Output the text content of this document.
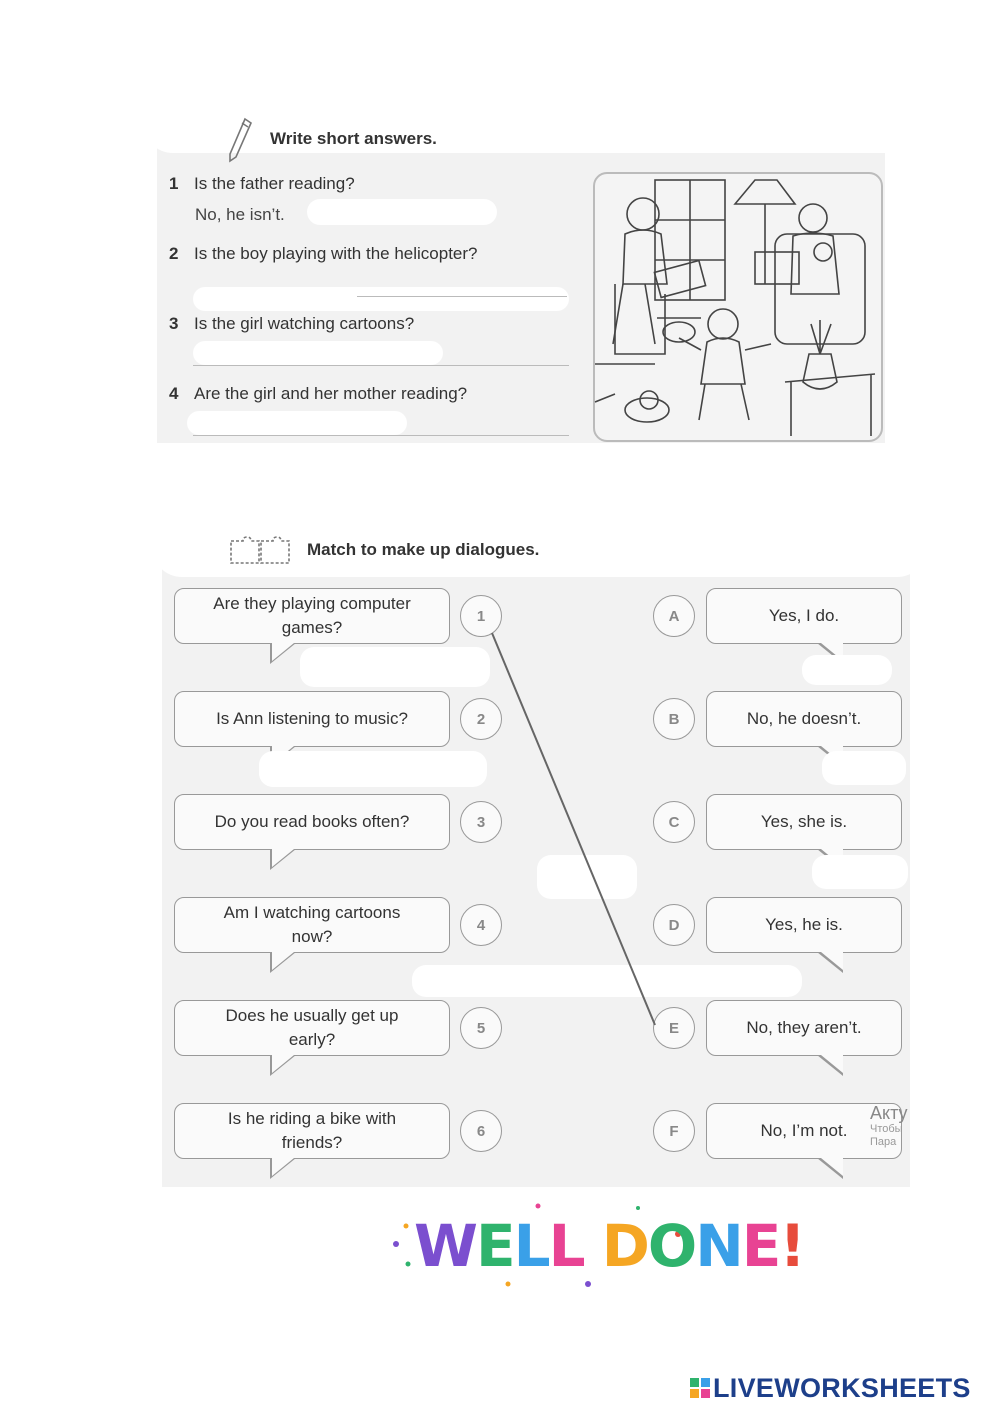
Write short answers.
1 Is the father reading?
No, he isn’t.
2 Is the boy playing with the helicopter?
3 Is the girl watching cartoons?
4 Are the girl and her mother reading?
Match to make up dialogues.
Are they playing computer games?
Is Ann listening to music?
Do you read books often?
Am I watching cartoons now?
Does he usually get up early?
Is he riding a bike with friends?
1
2
3
4
5
6
A
B
C
D
E
F
Yes, I do.
No, he doesn’t.
Yes, she is.
Yes, he is.
No, they aren’t.
No, I’m not.
Акту
Чтобы
Пара
WELL DONE!
LIVEWORKSHEETS
